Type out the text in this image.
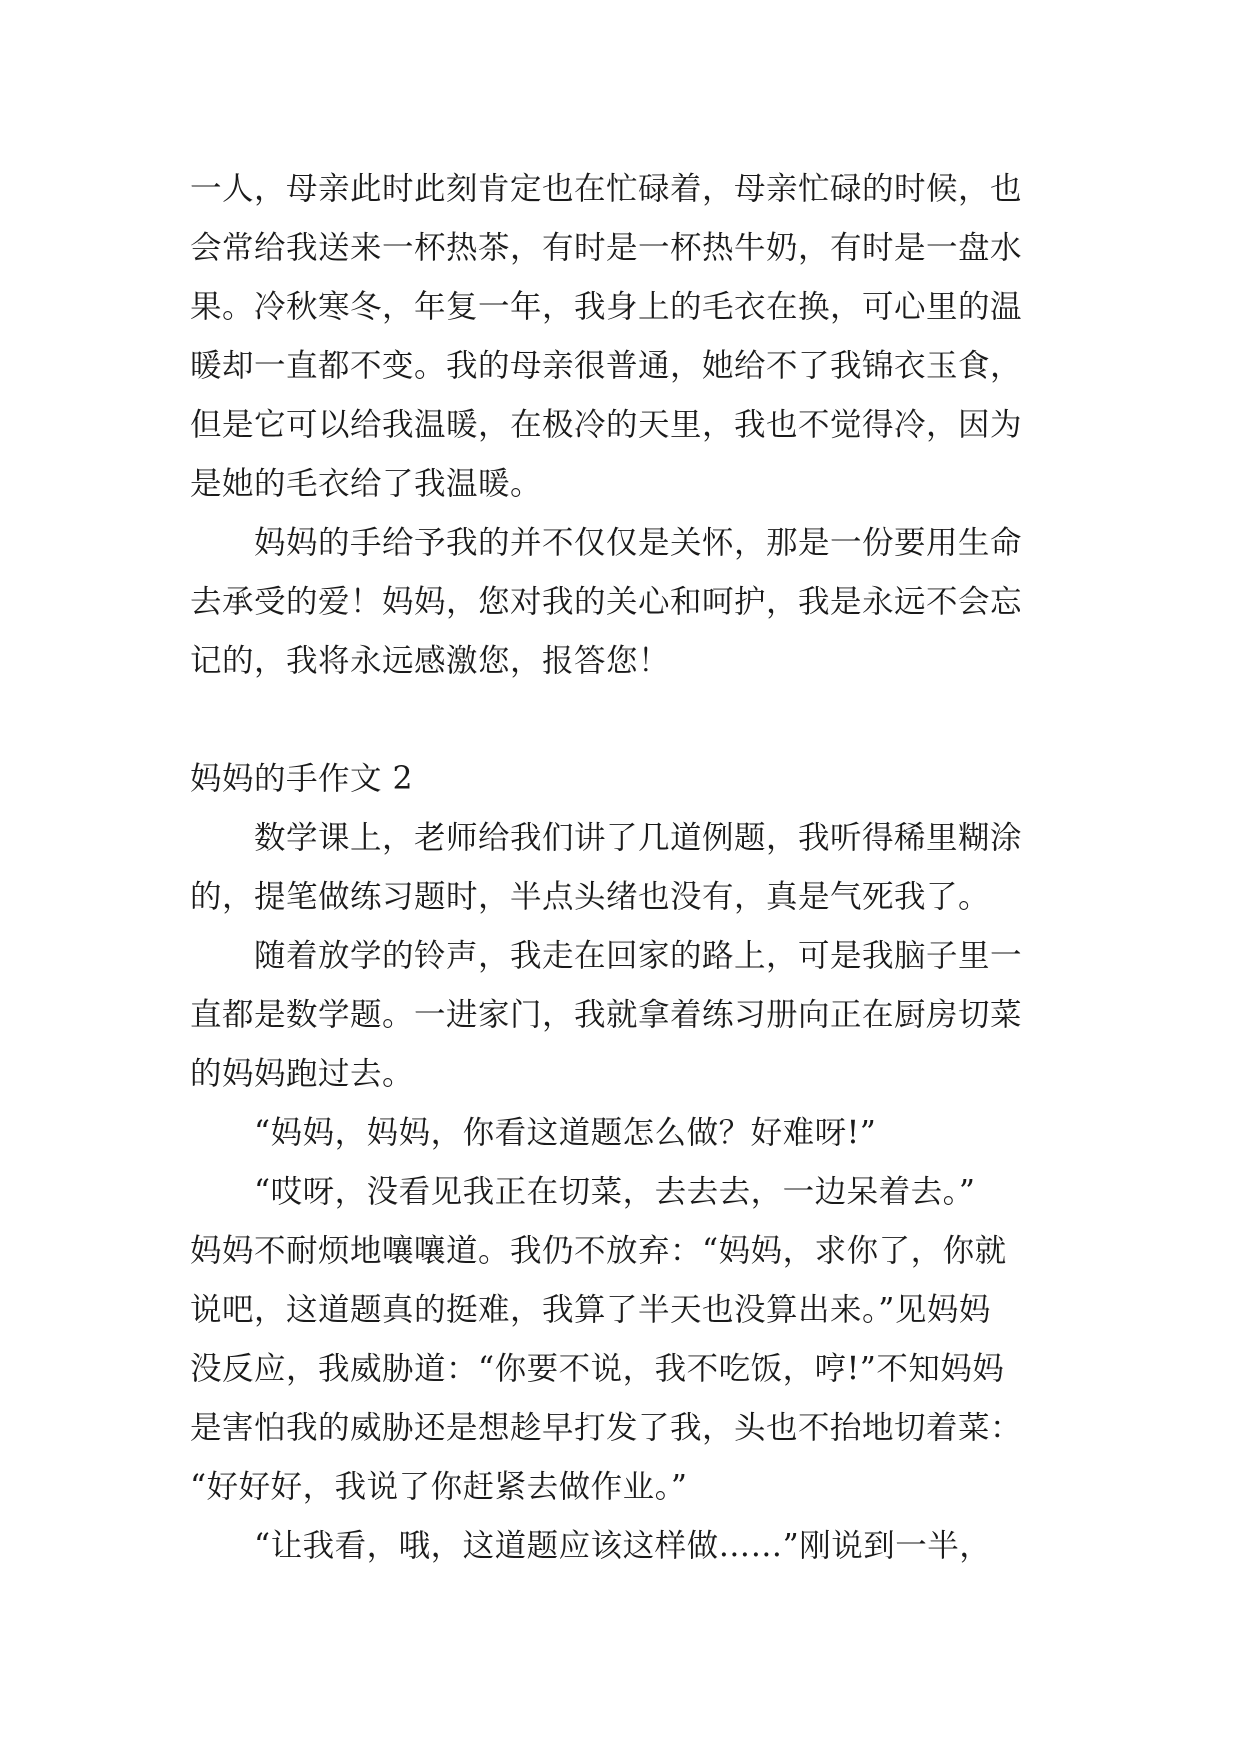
一人，母亲此时此刻肯定也在忙碌着，母亲忙碌的时候，也
会常给我送来一杯热茶，有时是一杯热牛奶，有时是一盘水
果。冷秋寒冬，年复一年，我身上的毛衣在换，可心里的温
暖却一直都不变。我的母亲很普通，她给不了我锦衣玉食，
但是它可以给我温暖，在极冷的天里，我也不觉得冷，因为
是她的毛衣给了我温暖。
　　妈妈的手给予我的并不仅仅是关怀，那是一份要用生命
去承受的爱！妈妈，您对我的关心和呵护，我是永远不会忘
记的，我将永远感激您，报答您！
妈妈的手作文 2
　　数学课上，老师给我们讲了几道例题，我听得稀里糊涂
的，提笔做练习题时，半点头绪也没有，真是气死我了。
　　随着放学的铃声，我走在回家的路上，可是我脑子里一
直都是数学题。一进家门，我就拿着练习册向正在厨房切菜
的妈妈跑过去。
　　“妈妈，妈妈，你看这道题怎么做？好难呀!”
　　“哎呀，没看见我正在切菜，去去去，一边呆着去。”
妈妈不耐烦地嚷嚷道。我仍不放弃：“妈妈，求你了，你就
说吧，这道题真的挺难，我算了半天也没算出来。”见妈妈
没反应，我威胁道：“你要不说，我不吃饭，哼!”不知妈妈
是害怕我的威胁还是想趁早打发了我，头也不抬地切着菜：
“好好好，我说了你赶紧去做作业。”
　　“让我看，哦，这道题应该这样做……”刚说到一半，
